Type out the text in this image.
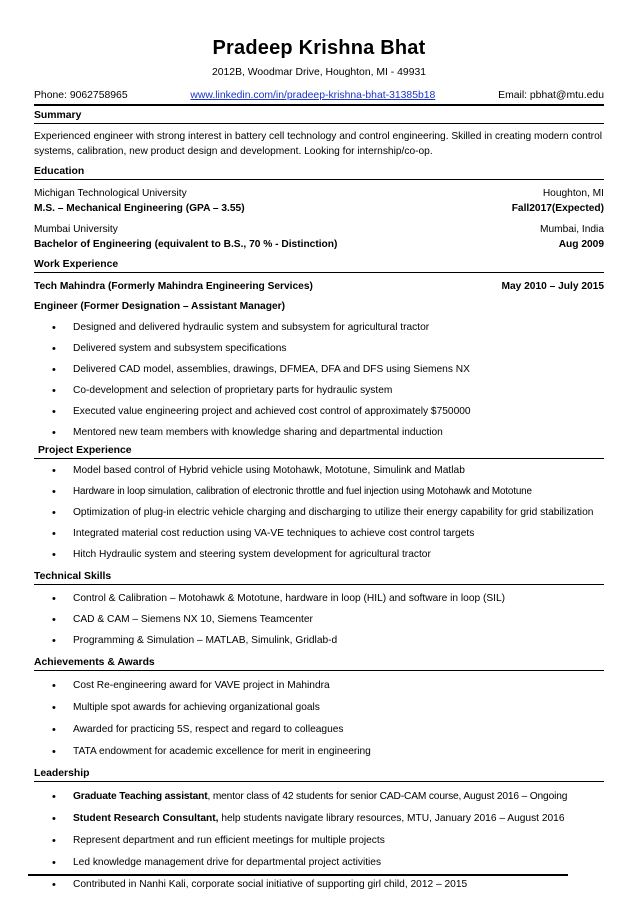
Pradeep Krishna Bhat
2012B, Woodmar Drive, Houghton, MI - 49931
Phone: 9062758965	www.linkedin.com/in/pradeep-krishna-bhat-31385b18	Email: pbhat@mtu.edu
Summary
Experienced engineer with strong interest in battery cell technology and control engineering. Skilled in creating modern control systems, calibration, new product design and development. Looking for internship/co-op.
Education
Michigan Technological University	Houghton, MI
M.S. – Mechanical Engineering (GPA – 3.55)	Fall2017(Expected)
Mumbai University	Mumbai, India
Bachelor of Engineering (equivalent to B.S., 70 % - Distinction)	Aug 2009
Work Experience
Tech Mahindra (Formerly Mahindra Engineering Services)	May 2010 – July 2015
Engineer (Former Designation – Assistant Manager)
• Designed and delivered hydraulic system and subsystem for agricultural tractor
• Delivered system and subsystem specifications
• Delivered CAD model, assemblies, drawings, DFMEA, DFA and DFS using Siemens NX
• Co-development and selection of proprietary parts for hydraulic system
• Executed value engineering project and achieved cost control of approximately $750000
• Mentored new team members with knowledge sharing and departmental induction
Project Experience
• Model based control of Hybrid vehicle using Motohawk, Mototune, Simulink and Matlab
• Hardware in loop simulation, calibration of electronic throttle and fuel injection using Motohawk and Mototune
• Optimization of plug-in electric vehicle charging and discharging to utilize their energy capability for grid stabilization
• Integrated material cost reduction using VA-VE techniques to achieve cost control targets
• Hitch Hydraulic system and steering system development for agricultural tractor
Technical Skills
• Control & Calibration – Motohawk & Mototune, hardware in loop (HIL) and software in loop (SIL)
• CAD & CAM – Siemens NX 10, Siemens Teamcenter
• Programming & Simulation – MATLAB, Simulink, Gridlab-d
Achievements & Awards
• Cost Re-engineering award for VAVE project in Mahindra
• Multiple spot awards for achieving organizational goals
• Awarded for practicing 5S, respect and regard to colleagues
• TATA endowment for academic excellence for merit in engineering
Leadership
• Graduate Teaching assistant, mentor class of 42 students for senior CAD-CAM course, August 2016 – Ongoing
• Student Research Consultant, help students navigate library resources, MTU, January 2016 – August 2016
• Represent department and run efficient meetings for multiple projects
• Led knowledge management drive for departmental project activities
• Contributed in Nanhi Kali, corporate social initiative of supporting girl child, 2012 – 2015
